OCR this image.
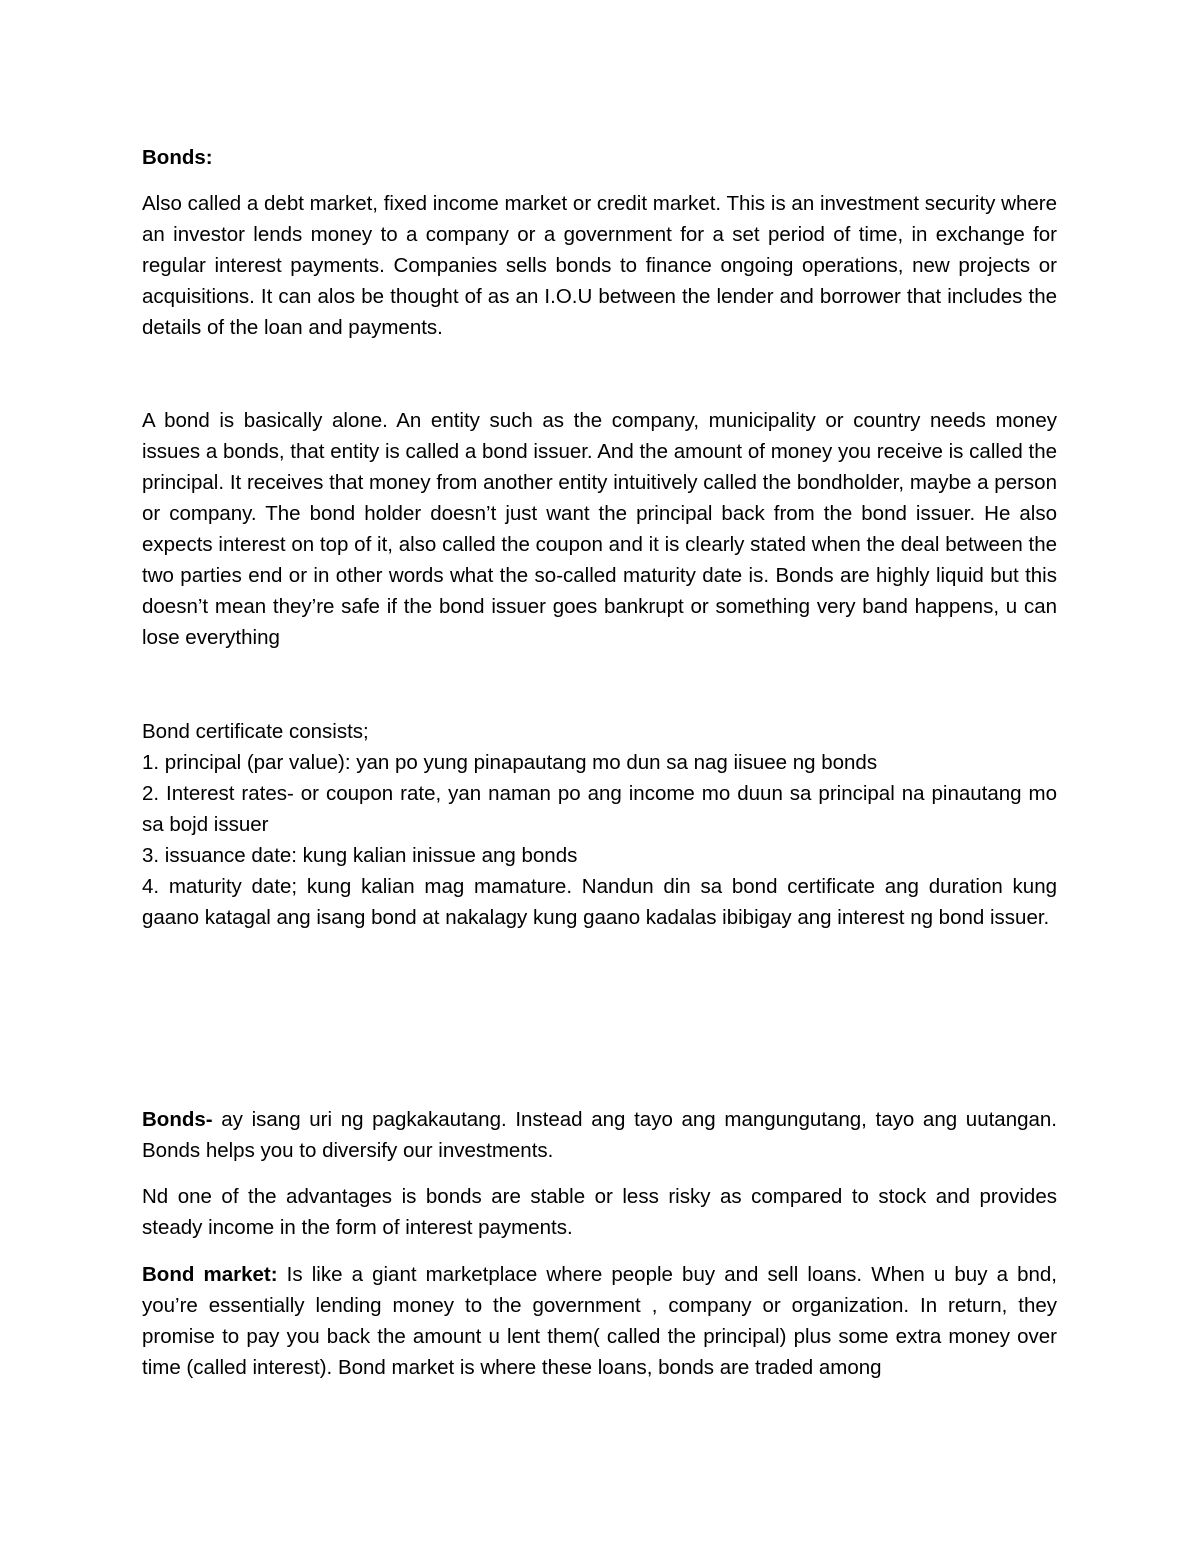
Bonds:

Also called a debt market, fixed income market or credit market. This is an investment security where an investor lends money to a company or a government for a set period of time, in exchange for regular interest payments. Companies sells bonds to finance ongoing operations, new projects or acquisitions. It can alos be thought of as an I.O.U between the lender and borrower that includes the details of the loan and payments.

A bond is basically alone. An entity such as the company, municipality or country needs money issues a bonds, that entity is called a bond issuer. And the amount of money you receive is called the principal. It receives that money from another entity intuitively called the bondholder, maybe a person or company. The bond holder doesn’t just want the principal back from the bond issuer. He also expects interest on top of it, also called the coupon and it is clearly stated when the deal between the two parties end or in other words what the so-called maturity date is. Bonds are highly liquid but this doesn’t mean they’re safe if the bond issuer goes bankrupt or something very band happens, u can lose everything

Bond certificate consists;
1. principal (par value): yan po yung pinapautang mo dun sa nag iisuee ng bonds
2. Interest rates- or coupon rate, yan naman po ang income mo duun sa principal na pinautang mo sa bojd issuer
3. issuance date: kung kalian inissue ang bonds
4. maturity date; kung kalian mag mamature. Nandun din sa bond certificate ang duration kung gaano katagal ang isang bond at nakalagy kung gaano kadalas ibibigay ang interest ng bond issuer.

Bonds- ay isang uri ng pagkakautang. Instead ang tayo ang mangungutang, tayo ang uutangan. Bonds helps you to diversify our investments.

Nd one of the advantages is bonds are stable or less risky as compared to stock and provides steady income in the form of interest payments.

Bond market: Is like a giant marketplace where people buy and sell loans. When u buy a bnd, you’re essentially lending money to the government , company or organization. In return, they promise to pay you back the amount u lent them( called the principal) plus some extra money over time (called interest). Bond market is where these loans, bonds are traded among
